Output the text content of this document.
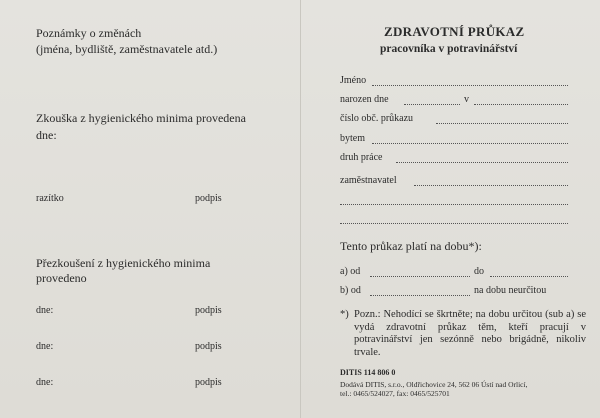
Poznámky o změnách
(jména, bydliště, zaměstnavatele atd.)
Zkouška z hygienického minima provedena
dne:
razítko	podpis
Přezkoušení z hygienického minima
provedeno
dne:	podpis
dne:	podpis
dne:	podpis
ZDRAVOTNÍ PRŮKAZ
pracovníka v potravinářství
Jméno
narozen dne	v
číslo obč. průkazu
bytem
druh práce
zaměstnavatel
Tento průkaz platí na dobu*):
a) od	do
b) od	na dobu neurčitou
*) Pozn.: Nehodící se škrtněte; na dobu určitou (sub a) se vydá zdravotní průkaz těm, kteří pracují v potravinářství jen sezónně nebo brigádně, nikoliv trvale.
DITIS 114 806 0
Dodává DITIS, s.r.o., Oldřichovice 24, 562 06 Ústí nad Orlicí,
tel.: 0465/524027, fax: 0465/525701
